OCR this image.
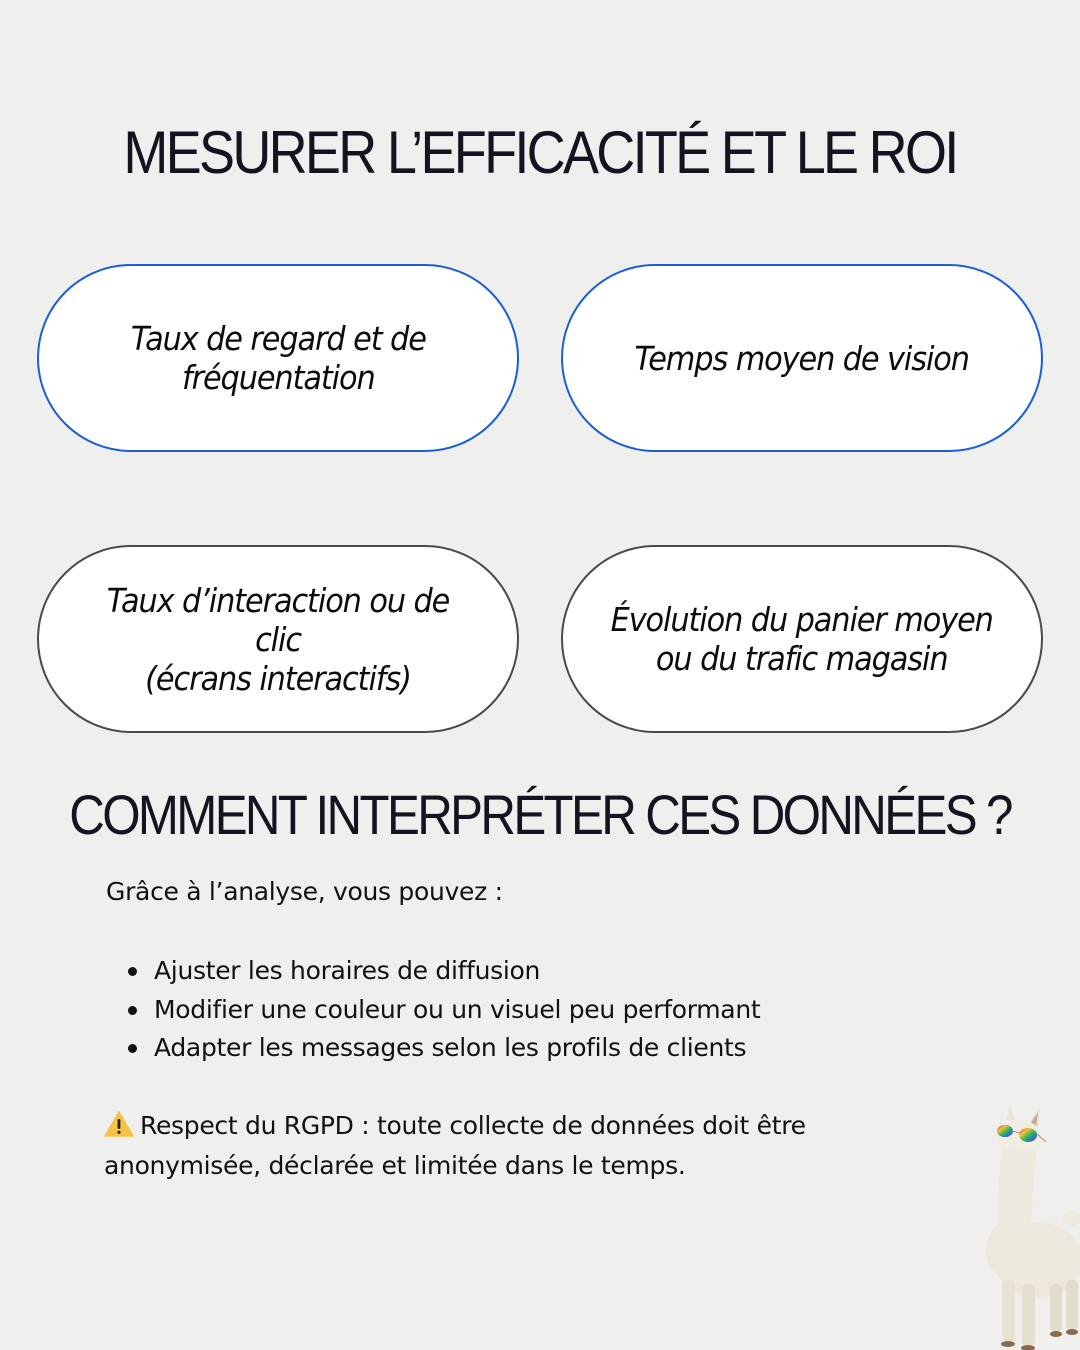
MESURER L’EFFICACITÉ ET LE ROI
Taux de regard et de
fréquentation	Temps moyen de vision
Taux d’interaction ou de clic
(écrans interactifs)
Évolution du panier moyen
ou du trafic magasin
COMMENT INTERPRÉTER CES DONNÉES ?

Grâce à l’analyse, vous pouvez :

Ajuster les horaires de diffusion
Modifier une couleur ou un visuel peu performant
Adapter les messages selon les profils de clients
Respect du RGPD : toute collecte de données doit être
anonymisée, déclarée et limitée dans le temps.
